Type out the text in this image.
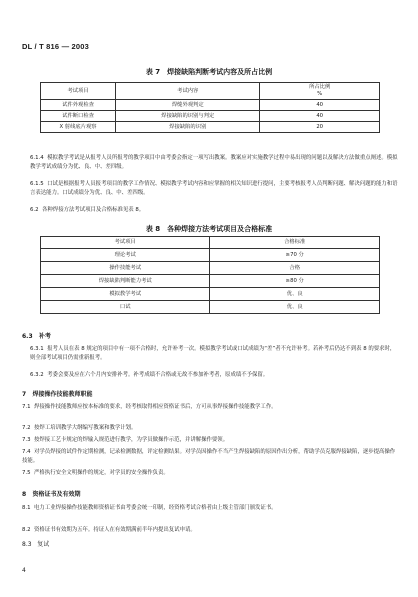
DL / T 816 — 2003
表 7　焊接缺陷判断考试内容及所占比例
考试项目	考试内容	所占比例
%
试件外观检查	焊缝外观判定	40
试件断口检查	焊接缺陷的识别与判定	40
X 射线底片观察	焊接缺陷的识别	20
6.1.4 模拟教学考试是从报考人员所报考的教学项目中由考委会指定一项写出教案。教案应对实施教学过程中易出现的问题以及解决方法做重点阐述。模拟教学考试成绩分为优、良、中、差四级。
6.1.5 口试是根据报考人员报考项目的教学工作情况、模拟教学考试内容和应掌握的相关知识进行提问，主要考核报考人员判断问题、解决问题的能力和语言表达能力。口试成绩分为优、良、中、差四级。
6.2 各种焊接方法考试项目及合格标准见表 8。
表 8　各种焊接方法考试项目及合格标准
考试项目	合格标准
理论考试	≥70 分
操作技能考试	合格
焊接缺陷判断能力考试	≥80 分
模拟教学考试	优、良
口试	优、良
6.3 补考
6.3.1 报考人员在表 8 规定的项目中有一项不合格时，允许补考一次。模拟教学考试或口试成绩为“差”者不允许补考。若补考后仍达不到表 8 的要求时，则全部考试项目仍需重新报考。
6.3.2 考委会要及应在六个月内安排补考。补考成绩不合格或无故不参加补考者，原成绩不予保留。
7 焊接操作技能教师职能
7.1 焊接操作技能教师应按本标准的要求，经考核取得相应资格证书后，方可从事焊接操作技能教学工作。
7.2 按焊工培训教学大纲编写教案和教学计划。
7.3 按焊接工艺卡规定的焊输入规范进行教学，为学员做操作示范，并讲解操作要领。
7.4 对学员焊接的试件作定期检测，记录检测数据，评定检测结果。对学员因操作不当产生焊接缺陷的原因作出分析，帮助学员克服焊接缺陷，逐步提高操作技能。
7.5 严格执行安全文明操作的规定，对学员的安全操作负责。
8 资格证书及有效期
8.1 电力工业焊接操作技能教师资格证书由考委会统一印制，经资格考试合格者由上级主管部门颁发证书。
8.2 资格证书有效期为五年。持证人在有效期满前半年内提出复试申请。
8.3 复试
4
